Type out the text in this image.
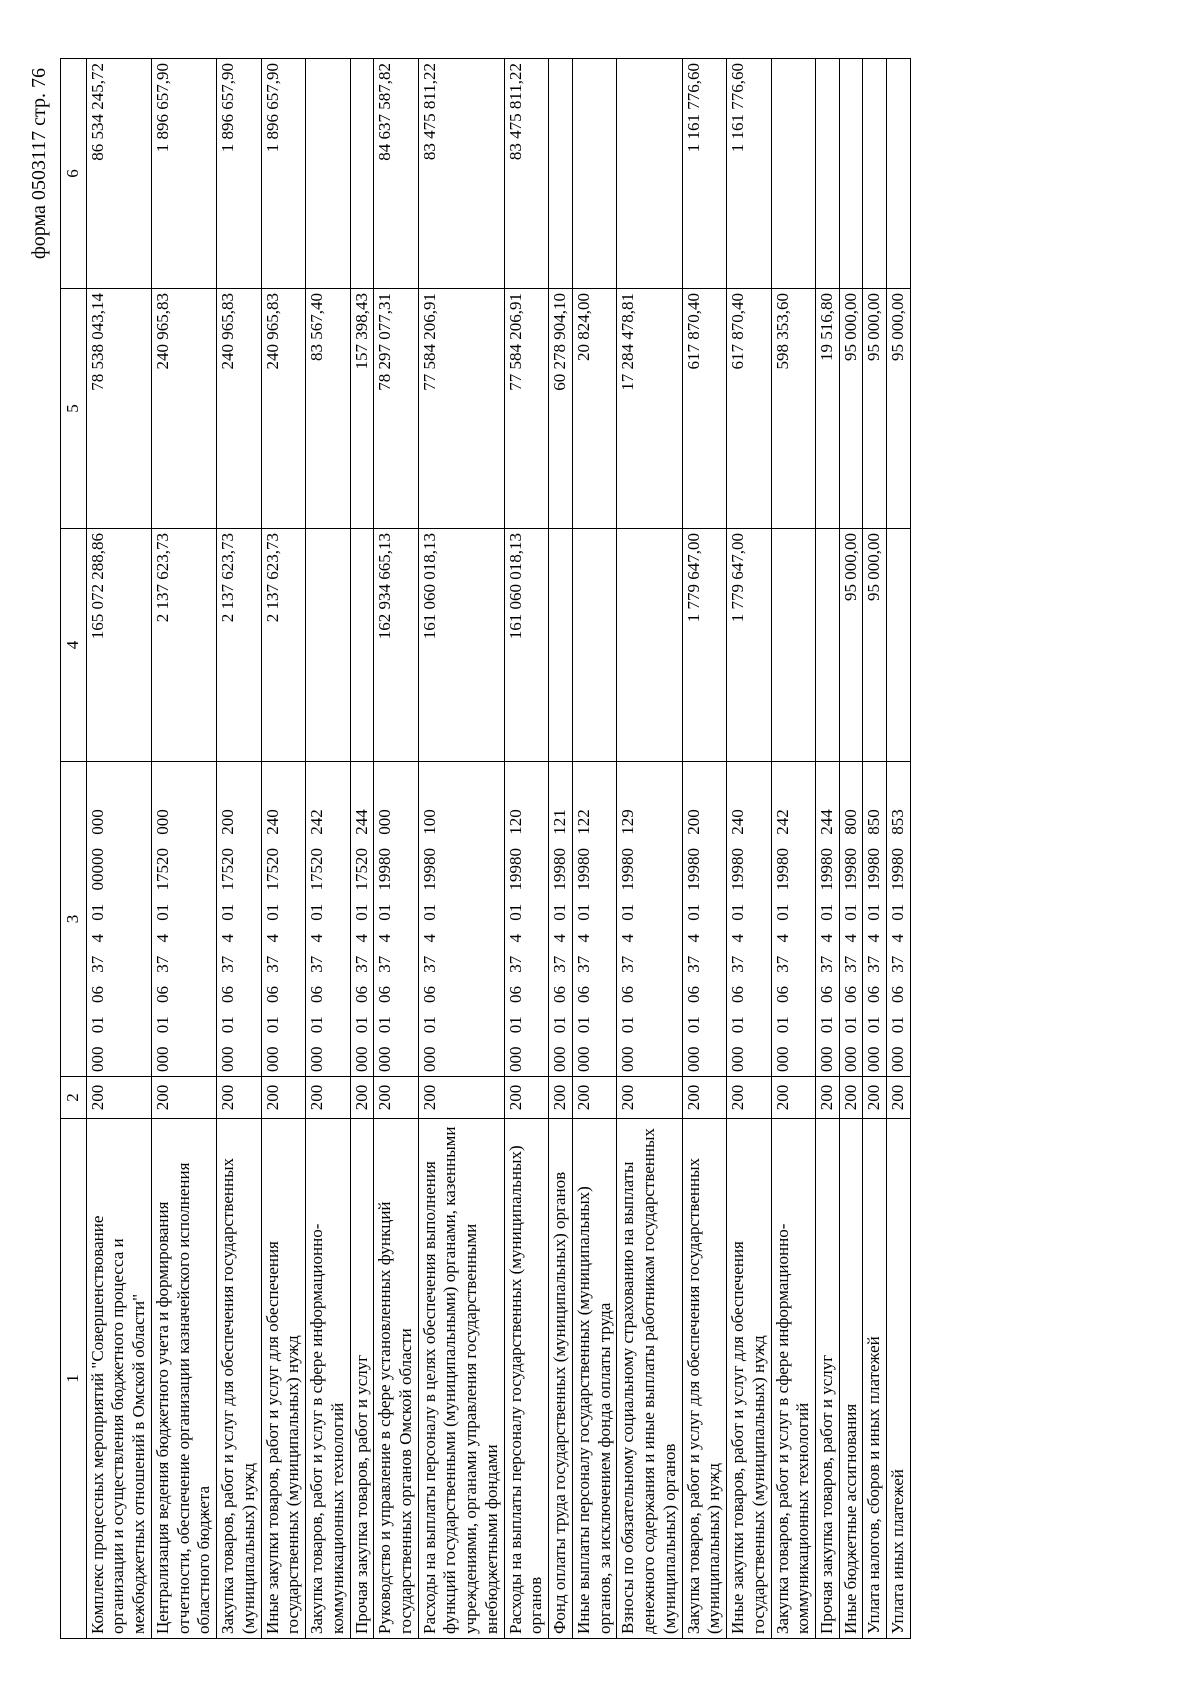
форма 0503117 стр. 76
1	2	3	4	5	6
Комплекс процессных мероприятий "Совершенствование организации и осуществления бюджетного процесса и межбюджетных отношений в Омской области"	200	000 01 06 37 4 01 00000 000	165 072 288,86	78 538 043,14	86 534 245,72
Централизация ведения бюджетного учета и формирования отчетности, обеспечение организации казначейского исполнения областного бюджета	200	000 01 06 37 4 01 17520 000	2 137 623,73	240 965,83	1 896 657,90
Закупка товаров, работ и услуг для обеспечения государственных (муниципальных) нужд	200	000 01 06 37 4 01 17520 200	2 137 623,73	240 965,83	1 896 657,90
Иные закупки товаров, работ и услуг для обеспечения государственных (муниципальных) нужд	200	000 01 06 37 4 01 17520 240	2 137 623,73	240 965,83	1 896 657,90
Закупка товаров, работ и услуг в сфере информационно-коммуникационных технологий	200	000 01 06 37 4 01 17520 242		83 567,40	
Прочая закупка товаров, работ и услуг	200	000 01 06 37 4 01 17520 244		157 398,43	
Руководство и управление в сфере установленных функций государственных органов Омской области	200	000 01 06 37 4 01 19980 000	162 934 665,13	78 297 077,31	84 637 587,82
Расходы на выплаты персоналу в целях обеспечения выполнения функций государственными (муниципальными) органами, казенными учреждениями, органами управления государственными внебюджетными фондами	200	000 01 06 37 4 01 19980 100	161 060 018,13	77 584 206,91	83 475 811,22
Расходы на выплаты персоналу государственных (муниципальных) органов	200	000 01 06 37 4 01 19980 120	161 060 018,13	77 584 206,91	83 475 811,22
Фонд оплаты труда государственных (муниципальных) органов	200	000 01 06 37 4 01 19980 121		60 278 904,10	
Иные выплаты персоналу государственных (муниципальных) органов, за исключением фонда оплаты труда	200	000 01 06 37 4 01 19980 122		20 824,00	
Взносы по обязательному социальному страхованию на выплаты денежного содержания и иные выплаты работникам государственных (муниципальных) органов	200	000 01 06 37 4 01 19980 129		17 284 478,81	
Закупка товаров, работ и услуг для обеспечения государственных (муниципальных) нужд	200	000 01 06 37 4 01 19980 200	1 779 647,00	617 870,40	1 161 776,60
Иные закупки товаров, работ и услуг для обеспечения государственных (муниципальных) нужд	200	000 01 06 37 4 01 19980 240	1 779 647,00	617 870,40	1 161 776,60
Закупка товаров, работ и услуг в сфере информационно-коммуникационных технологий	200	000 01 06 37 4 01 19980 242		598 353,60	
Прочая закупка товаров, работ и услуг	200	000 01 06 37 4 01 19980 244		19 516,80	
Иные бюджетные ассигнования	200	000 01 06 37 4 01 19980 800	95 000,00	95 000,00	
Уплата налогов, сборов и иных платежей	200	000 01 06 37 4 01 19980 850	95 000,00	95 000,00	
Уплата иных платежей	200	000 01 06 37 4 01 19980 853		95 000,00	
